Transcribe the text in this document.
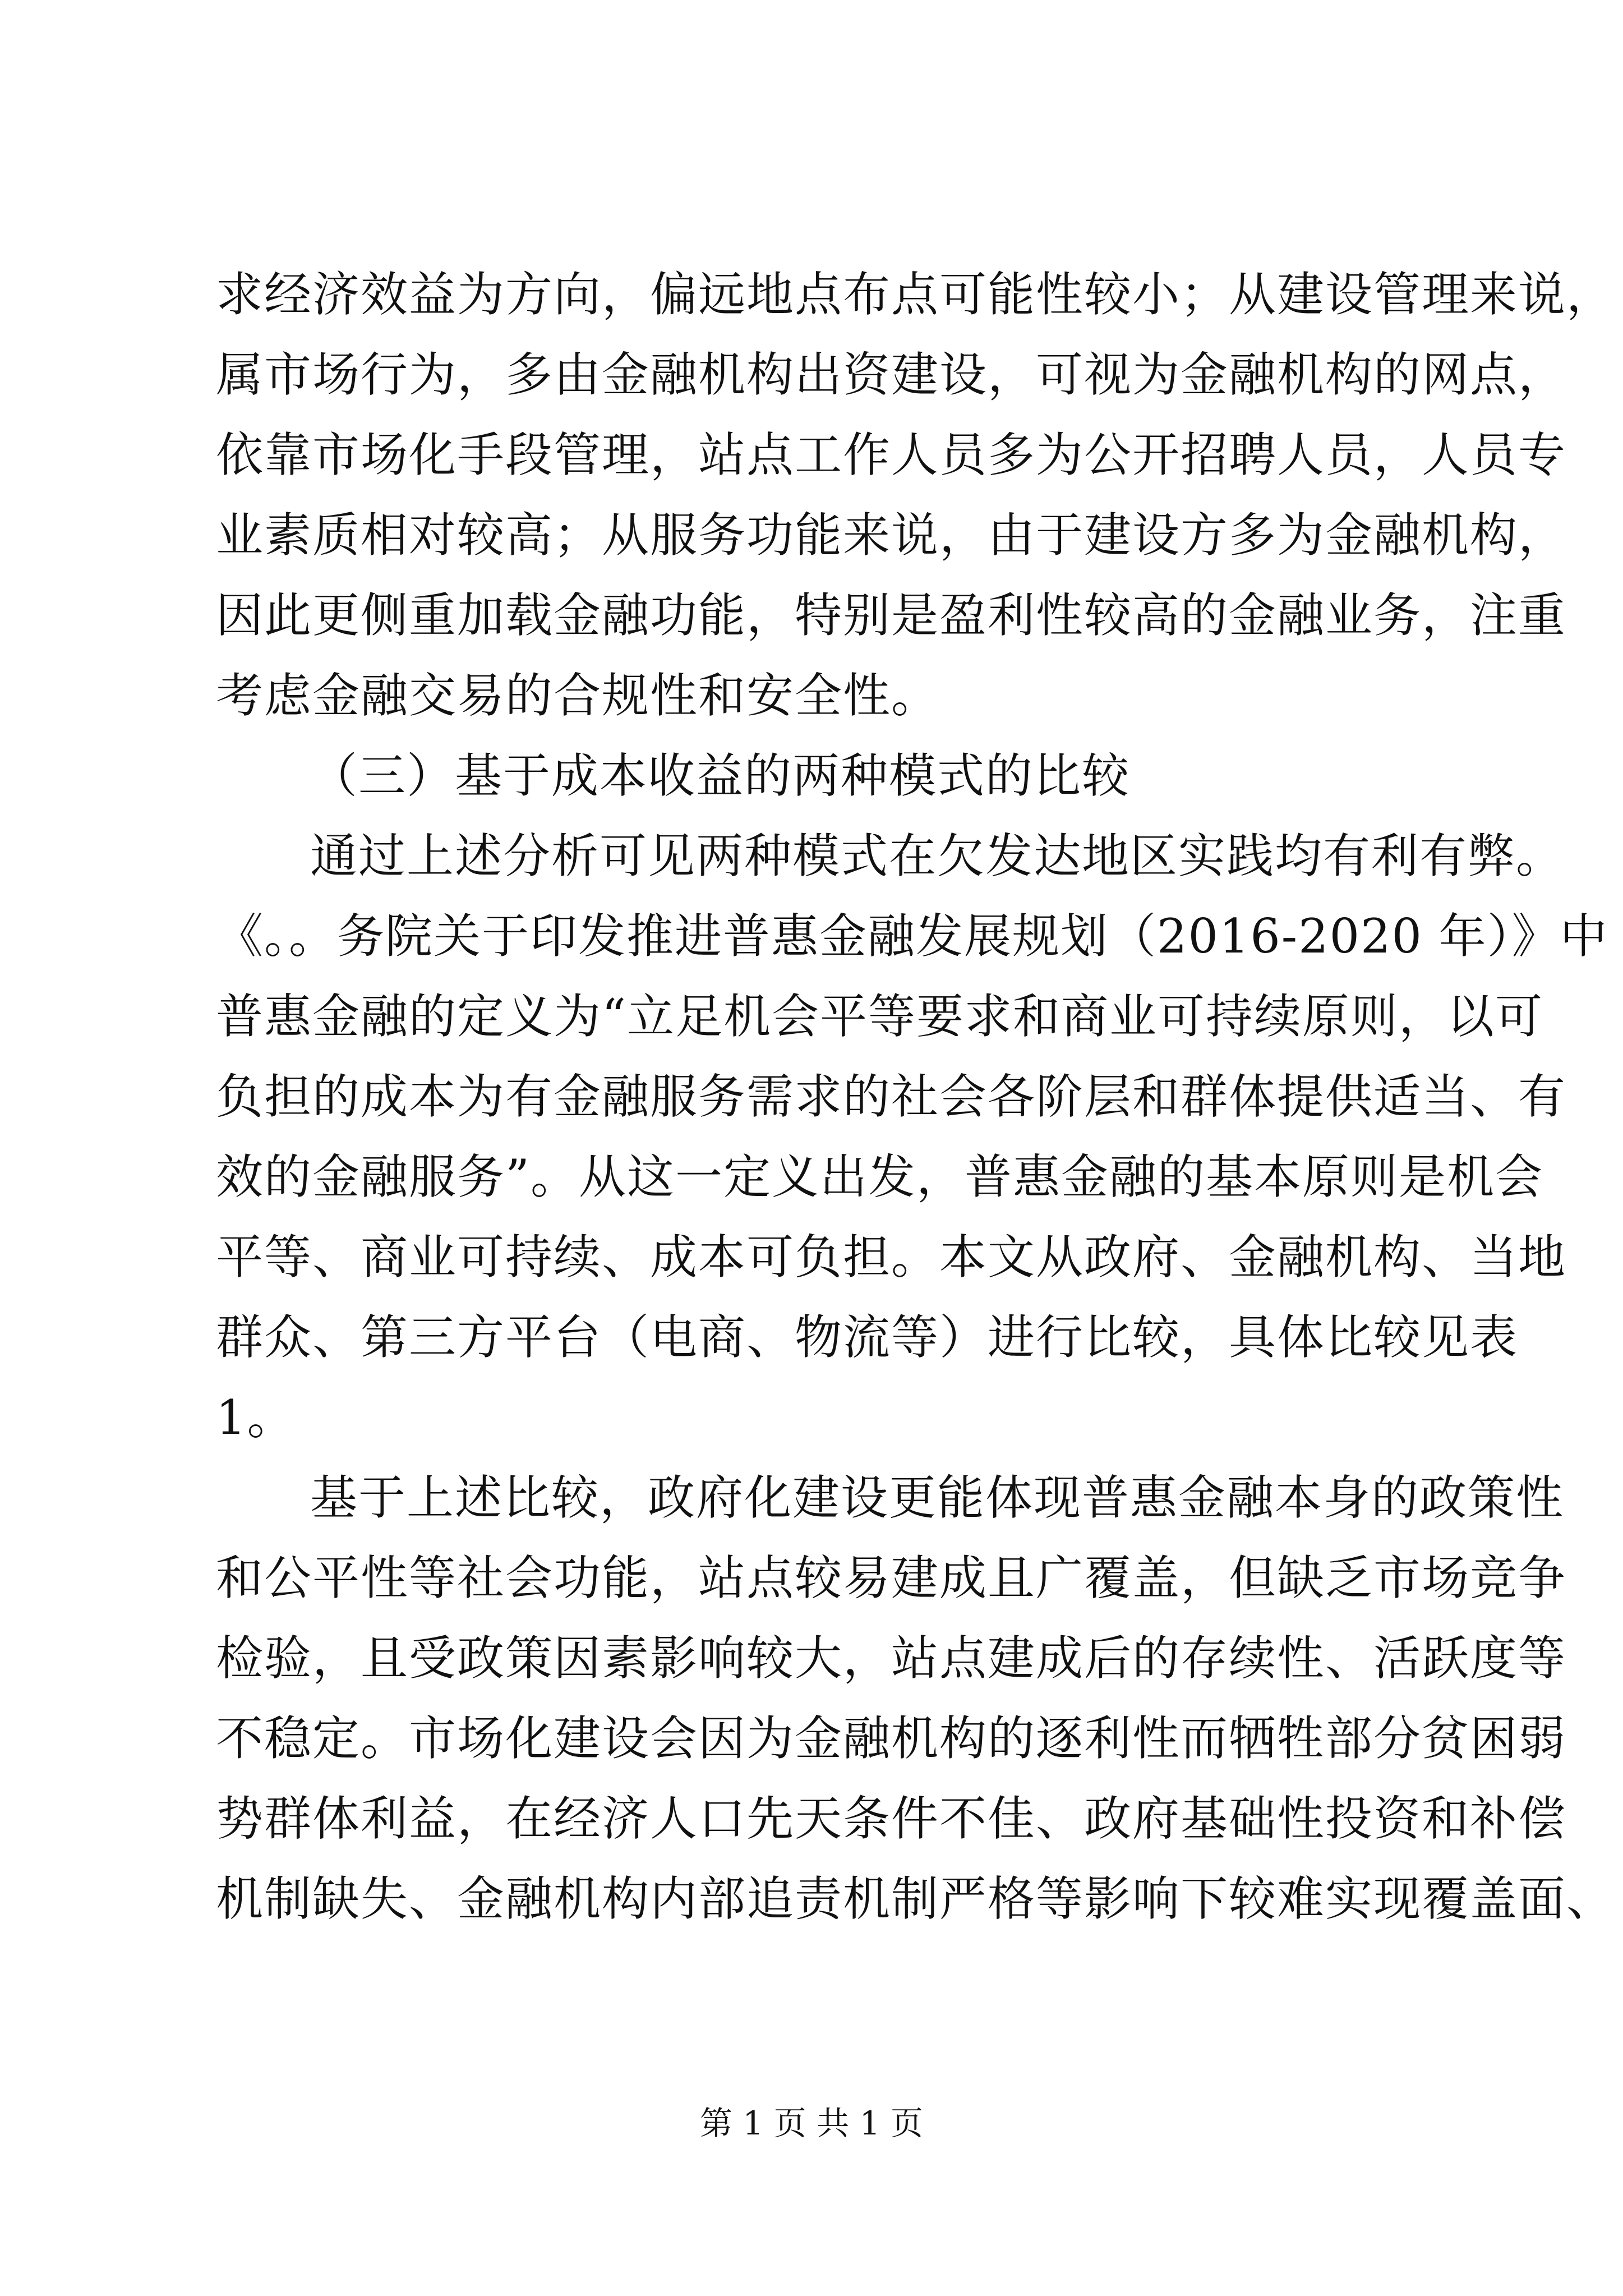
求经济效益为方向，偏远地点布点可能性较小；从建设管理来说，
属市场行为，多由金融机构出资建设，可视为金融机构的网点，
依靠市场化手段管理，站点工作人员多为公开招聘人员，人员专
业素质相对较高；从服务功能来说，由于建设方多为金融机构，
因此更侧重加载金融功能，特别是盈利性较高的金融业务，注重
考虑金融交易的合规性和安全性。
（三）基于成本收益的两种模式的比较
通过上述分析可见两种模式在欠发达地区实践均有利有弊。
《。。务院关于印发推进普惠金融发展规划（2016-2020 年）》中
普惠金融的定义为“立足机会平等要求和商业可持续原则，以可
负担的成本为有金融服务需求的社会各阶层和群体提供适当、有
效的金融服务”。从这一定义出发，普惠金融的基本原则是机会
平等、商业可持续、成本可负担。本文从政府、金融机构、当地
群众、第三方平台（电商、物流等）进行比较，具体比较见表
1。
基于上述比较，政府化建设更能体现普惠金融本身的政策性
和公平性等社会功能，站点较易建成且广覆盖，但缺乏市场竞争
检验，且受政策因素影响较大，站点建成后的存续性、活跃度等
不稳定。市场化建设会因为金融机构的逐利性而牺牲部分贫困弱
势群体利益，在经济人口先天条件不佳、政府基础性投资和补偿
机制缺失、金融机构内部追责机制严格等影响下较难实现覆盖面、
第 1 页 共 1 页
